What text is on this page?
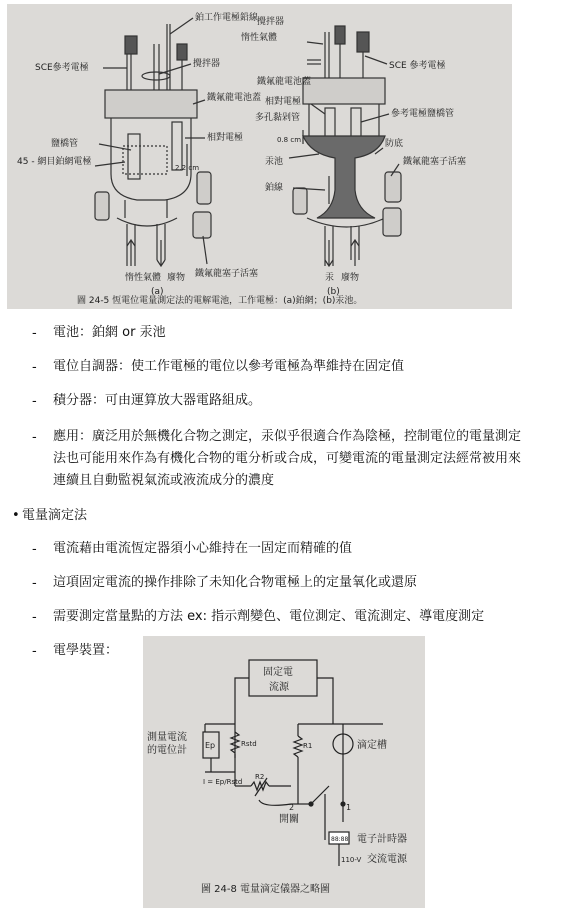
鉑工作電極鉛線
攪拌器
SCE參考電極
鐵氟龍電池蓋
相對電極
鹽橋管
45 - 網目鉑網電極
2.2 cm
惰性氣體 廢物 鐵氟龍塞子活塞
(a)
惰性氣體
攪拌器
SCE 參考電極
鐵氟龍電池蓋
相對電極
多孔黏剁管	參考電極鹽橋管
0.8 cm
汞池
防底
鐵氟龍塞子活塞
鉑線
汞 廢物
(b)
圖 24-5 恆電位電量測定法的電解電池，工作電極：(a)鉑網；(b)汞池。
- 電池：鉑網 or 汞池
- 電位自調器：使工作電極的電位以參考電極為準維持在固定值
- 積分器：可由運算放大器電路組成。
- 應用：廣泛用於無機化合物之測定，汞似乎很適合作為陰極，控制電位的電量測定
法也可能用來作為有機化合物的電分析或合成，可變電流的電量測定法經常被用來
連續且自動監視氣流或液流成分的濃度
• 電量滴定法
- 電流藉由電流恆定器須小心維持在一固定而精確的值
- 這項固定電流的操作排除了未知化合物電極上的定量氧化或還原
- 需要測定當量點的方法 ex: 指示劑變色、電位測定、電流測定、導電度測定
- 電學裝置：
固定電
流源
測量電流
的電位計 Ep	Rstd	R1
R2
I = Ep/Rstd
滴定槽
2	1
開關
88:88 電子計時器
110-V 交流電源
圖 24-8 電量滴定儀器之略圖
